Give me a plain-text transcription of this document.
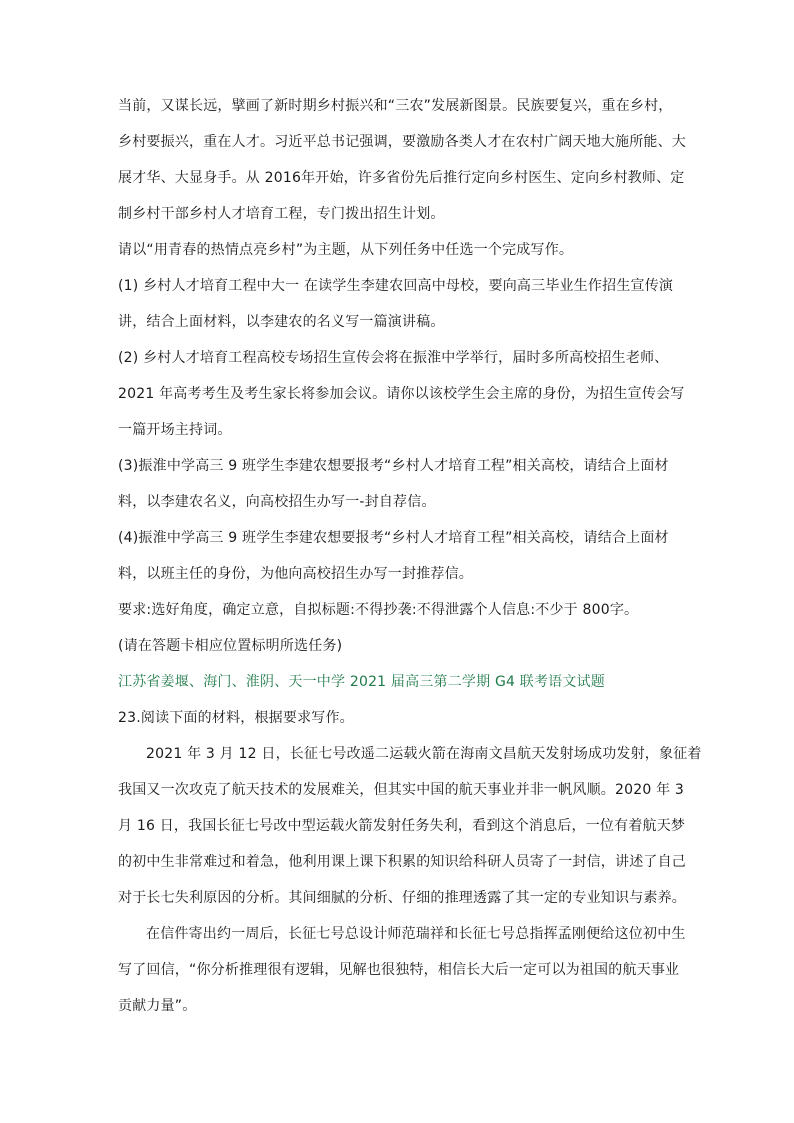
当前，又谋长远，擘画了新时期乡村振兴和“三农”发展新图景。民族要复兴，重在乡村，
乡村要振兴，重在人才。习近平总书记强调，要激励各类人才在农村广阔天地大施所能、大
展才华、大显身手。从 2016年开始，许多省份先后推行定向乡村医生、定向乡村教师、定
制乡村干部乡村人才培育工程，专门拨出招生计划。
请以“用青春的热情点亮乡村”为主题，从下列任务中任选一个完成写作。
(1) 乡村人才培育工程中大一 在读学生李建农回高中母校，要向高三毕业生作招生宣传演
讲，结合上面材料，以李建农的名义写一篇演讲稿。
(2) 乡村人才培育工程高校专场招生宣传会将在振淮中学举行，届时多所高校招生老师、
2021 年高考考生及考生家长将参加会议。请你以该校学生会主席的身份，为招生宣传会写
一篇开场主持词。
(3)振淮中学高三 9 班学生李建农想要报考“乡村人才培育工程”相关高校，请结合上面材
料，以李建农名义，向高校招生办写一-封自荐信。
(4)振淮中学高三 9 班学生李建农想要报考“乡村人才培育工程”相关高校，请结合上面材
料，以班主任的身份，为他向高校招生办写一封推荐信。
要求:选好角度，确定立意，自拟标题:不得抄袭:不得泄露个人信息:不少于 800字。
(请在答题卡相应位置标明所选任务)
江苏省姜堰、海门、淮阴、天一中学 2021 届高三第二学期 G4 联考语文试题
23.阅读下面的材料，根据要求写作。
2021 年 3 月 12 日，长征七号改遥二运载火箭在海南文昌航天发射场成功发射，象征着
我国又一次攻克了航天技术的发展难关，但其实中国的航天事业并非一帆风顺。2020 年 3
月 16 日，我国长征七号改中型运载火箭发射任务失利，看到这个消息后，一位有着航天梦
的初中生非常难过和着急，他利用课上课下积累的知识给科研人员寄了一封信，讲述了自己
对于长七失利原因的分析。其间细腻的分析、仔细的推理透露了其一定的专业知识与素养。
在信件寄出约一周后，长征七号总设计师范瑞祥和长征七号总指挥孟刚便给这位初中生
写了回信，“你分析推理很有逻辑，见解也很独特，相信长大后一定可以为祖国的航天事业
贡献力量”。
